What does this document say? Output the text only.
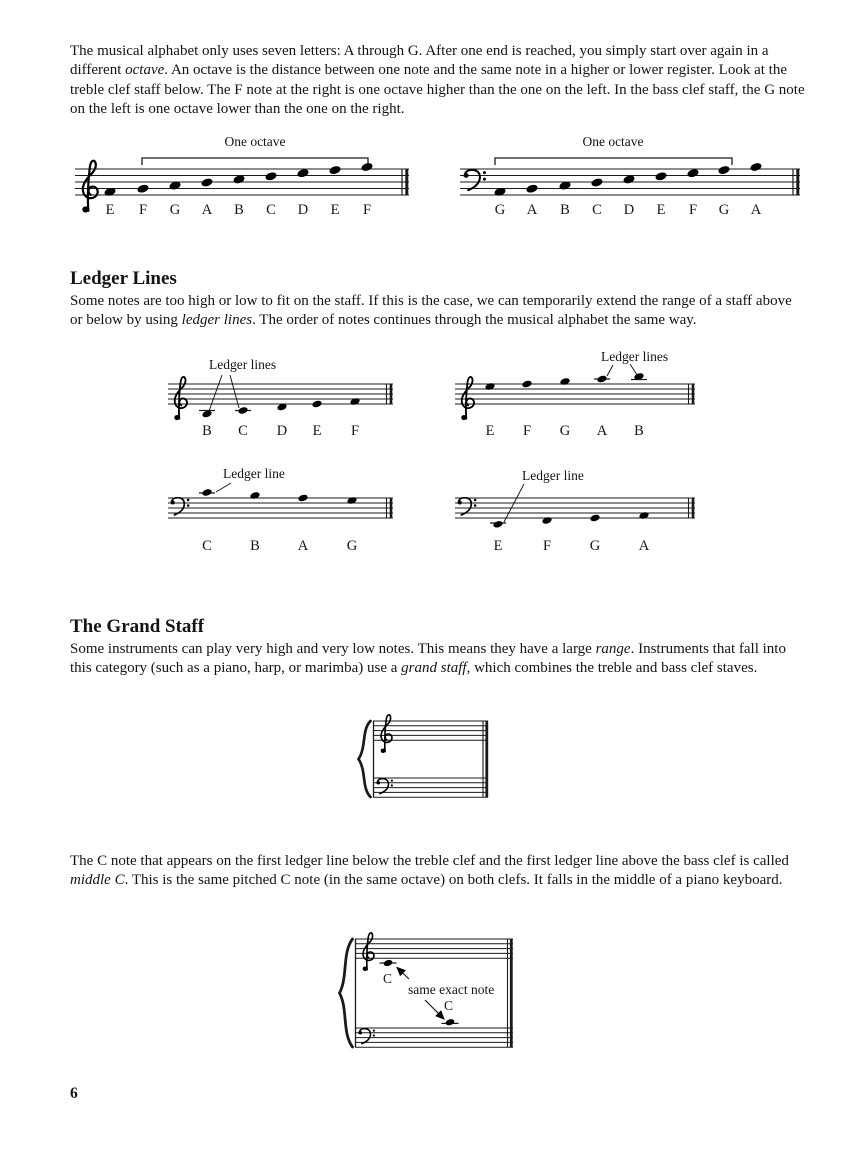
The musical alphabet only uses seven letters: A through G. After one end is reached, you simply start over again in a different octave. An octave is the distance between one note and the same note in a higher or lower register. Look at the treble clef staff below. The F note at the right is one octave higher than the one on the left. In the bass clef staff, the G note on the left is one octave lower than the one on the right.

One octave
E F G A B C D E F
One octave
G A B C D E F G A
Ledger Lines

Some notes are too high or low to fit on the staff. If this is the case, we can temporarily extend the range of a staff above or below by using ledger lines. The order of notes continues through the musical alphabet the same way.

Ledger lines
B C D E F
Ledger lines
E F G A B
Ledger line
C	B	A	G
Ledger line
E	F	G	A
The Grand Staff

Some instruments can play very high and very low notes. This means they have a large range. Instruments that fall into this category (such as a piano, harp, or marimba) use a grand staff, which combines the treble and bass clef staves.

The C note that appears on the first ledger line below the treble clef and the first ledger line above the bass clef is called middle C. This is the same pitched C note (in the same octave) on both clefs. It falls in the middle of a piano keyboard.

C
same exact note
C
6
